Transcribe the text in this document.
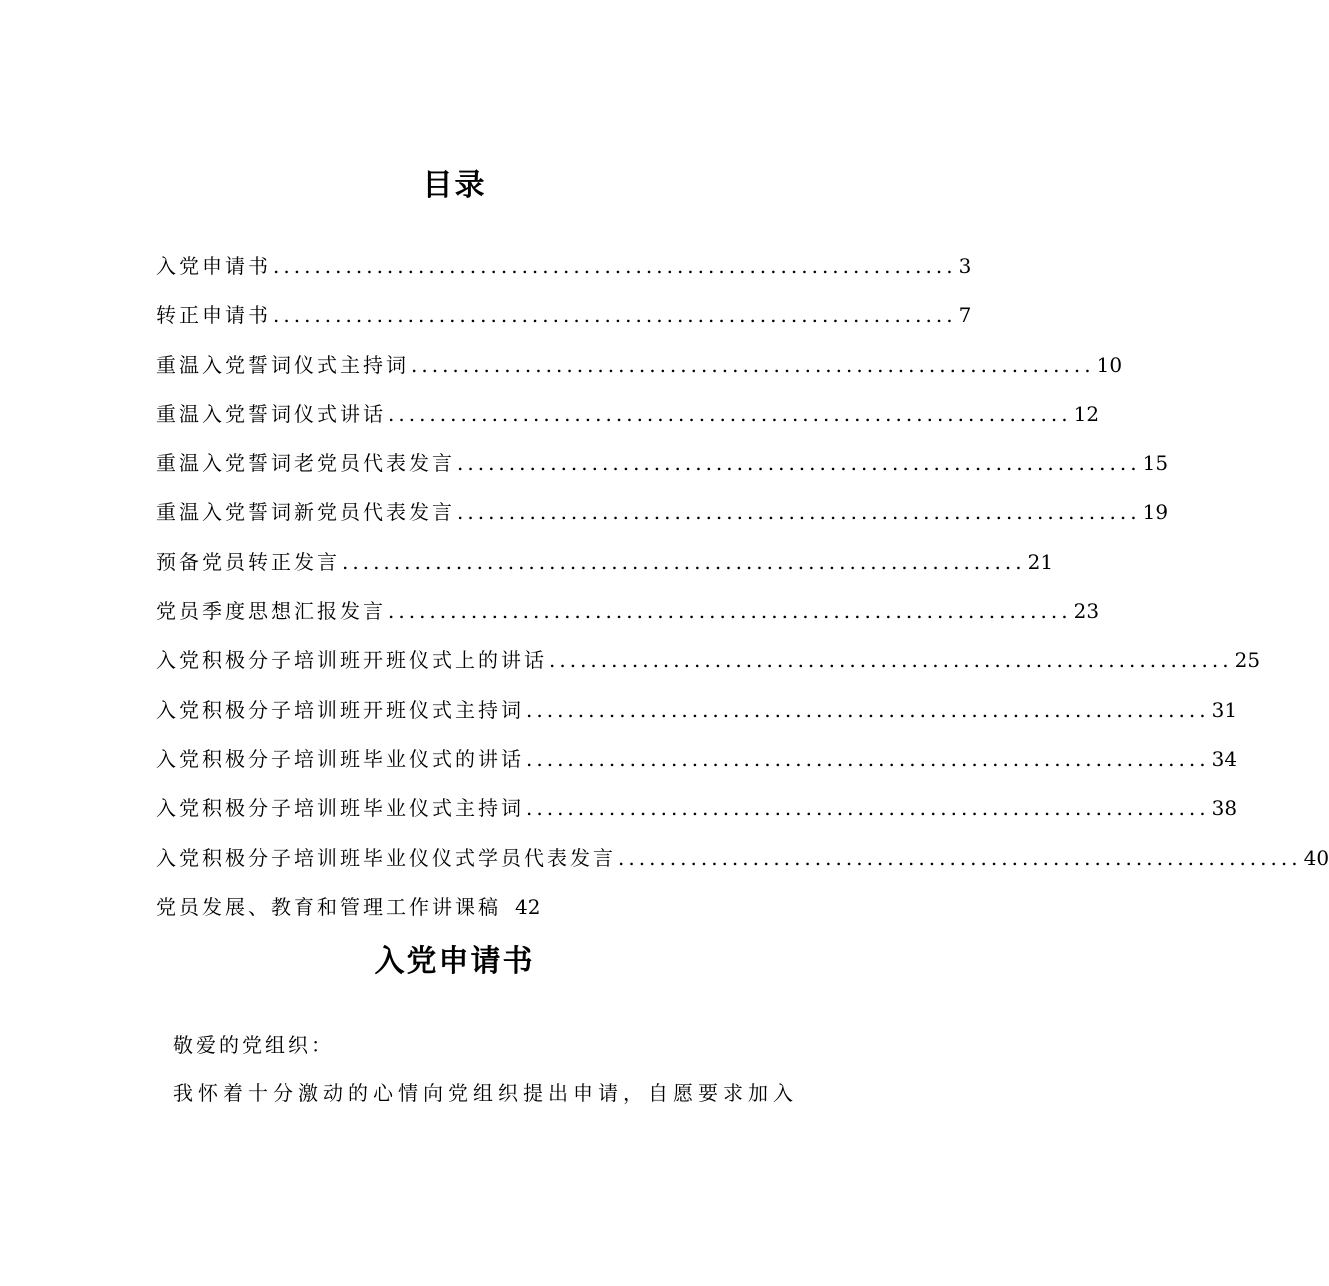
目录
入党申请书 .................................................................. 3
转正申请书 .................................................................. 7
重温入党誓词仪式主持词 .................................................................. 10
重温入党誓词仪式讲话 .................................................................. 12
重温入党誓词老党员代表发言 .................................................................. 15
重温入党誓词新党员代表发言 .................................................................. 19
预备党员转正发言 .................................................................. 21
党员季度思想汇报发言 .................................................................. 23
入党积极分子培训班开班仪式上的讲话 .................................................................. 25
入党积极分子培训班开班仪式主持词 .................................................................. 31
入党积极分子培训班毕业仪式的讲话 .................................................................. 34
入党积极分子培训班毕业仪式主持词 .................................................................. 38
入党积极分子培训班毕业仪仪式学员代表发言 .................................................................. 40
党员发展、教育和管理工作讲课稿 42
入党申请书
敬爱的党组织：
我怀着十分激动的心情向党组织提出申请，自愿要求加入
